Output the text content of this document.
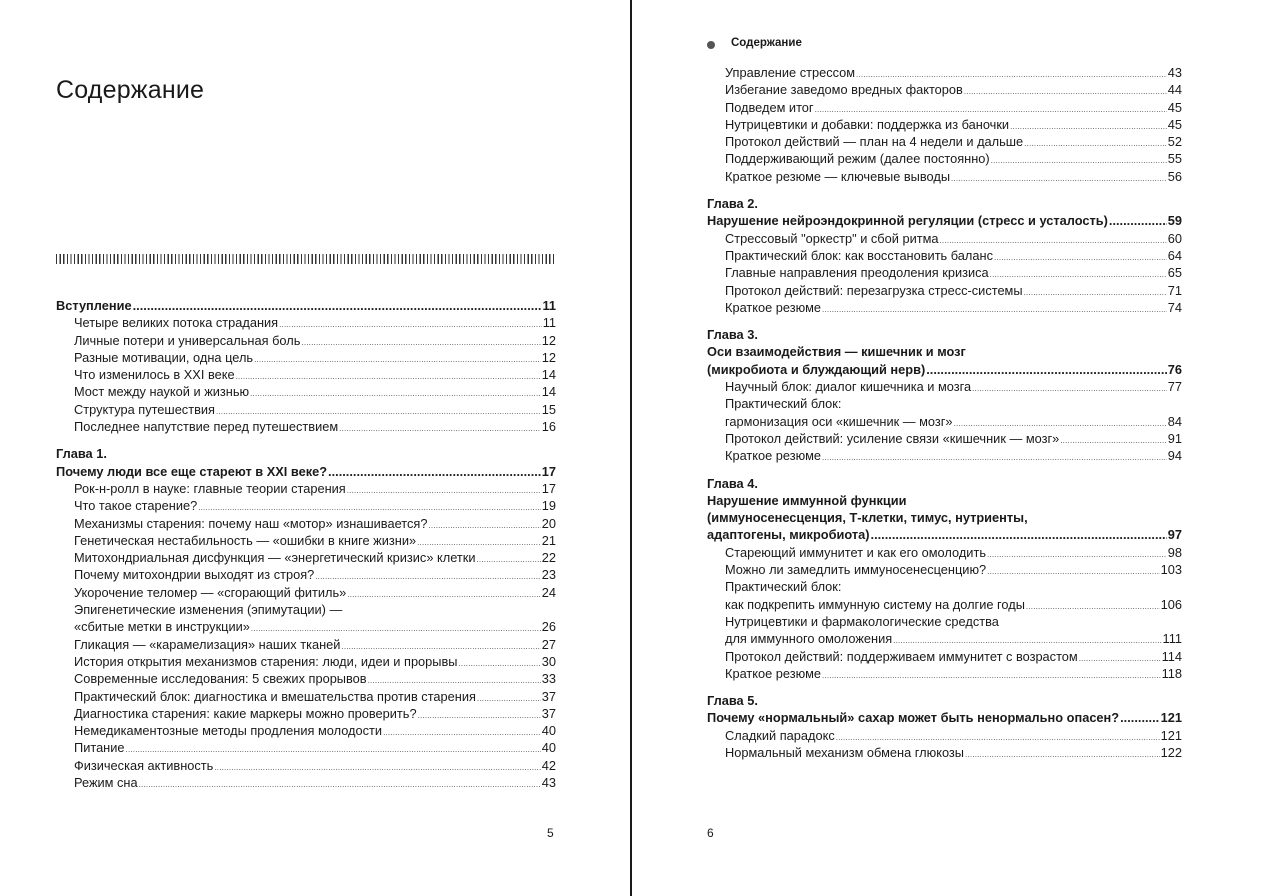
Содержание
Вступление .....	11
Четыре великих потока страдания .....	11
Личные потери и универсальная боль .....	12
Разные мотивации, одна цель .....	12
Что изменилось в XXI веке .....	14
Мост между наукой и жизнью .....	14
Структура путешествия .....	15
Последнее напутствие перед путешествием .....	16
Глава 1.
Почему люди все еще стареют в XXI веке? .....	17
Рок-н-ролл в науке: главные теории старения .....	17
Что такое старение? .....	19
Механизмы старения: почему наш «мотор» изнашивается? .....	20
Генетическая нестабильность — «ошибки в книге жизни» .....	21
Митохондриальная дисфункция — «энергетический кризис» клетки .....	22
Почему митохондрии выходят из строя? .....	23
Укорочение теломер — «сгорающий фитиль» .....	24
Эпигенетические изменения (эпимутации) —
«сбитые метки в инструкции» .....	26
Гликация — «карамелизация» наших тканей .....	27
История открытия механизмов старения: люди, идеи и прорывы .....	30
Современные исследования: 5 свежих прорывов .....	33
Практический блок: диагностика и вмешательства против старения .....	37
Диагностика старения: какие маркеры можно проверить? .....	37
Немедикаментозные методы продления молодости .....	40
Питание .....	40
Физическая активность .....	42
Режим сна .....	43
5
Содержание
Управление стрессом .....	43
Избегание заведомо вредных факторов .....	44
Подведем итог .....	45
Нутрицевтики и добавки: поддержка из баночки .....	45
Протокол действий — план на 4 недели и дальше .....	52
Поддерживающий режим (далее постоянно) .....	55
Краткое резюме — ключевые выводы .....	56
Глава 2.
Нарушение нейроэндокринной регуляции (стресс и усталость) .....	59
Стрессовый "оркестр" и сбой ритма .....	60
Практический блок: как восстановить баланс .....	64
Главные направления преодоления кризиса .....	65
Протокол действий: перезагрузка стресс-системы .....	71
Краткое резюме .....	74
Глава 3.
Оси взаимодействия — кишечник и мозг
(микробиота и блуждающий нерв) .....	76
Научный блок: диалог кишечника и мозга .....	77
Практический блок:
гармонизация оси «кишечник — мозг» .....	84
Протокол действий: усиление связи «кишечник — мозг» .....	91
Краткое резюме .....	94
Глава 4.
Нарушение иммунной функции
(иммуносенесценция, Т-клетки, тимус, нутриенты,
адаптогены, микробиота) .....	97
Стареющий иммунитет и как его омолодить .....	98
Можно ли замедлить иммуносенесценцию? .....	103
Практический блок:
как подкрепить иммунную систему на долгие годы .....	106
Нутрицевтики и фармакологические средства
для иммунного омоложения .....	111
Протокол действий: поддерживаем иммунитет с возрастом .....	114
Краткое резюме .....	118
Глава 5.
Почему «нормальный» сахар может быть ненормально опасен? .....	121
Сладкий парадокс .....	121
Нормальный механизм обмена глюкозы .....	122
6
